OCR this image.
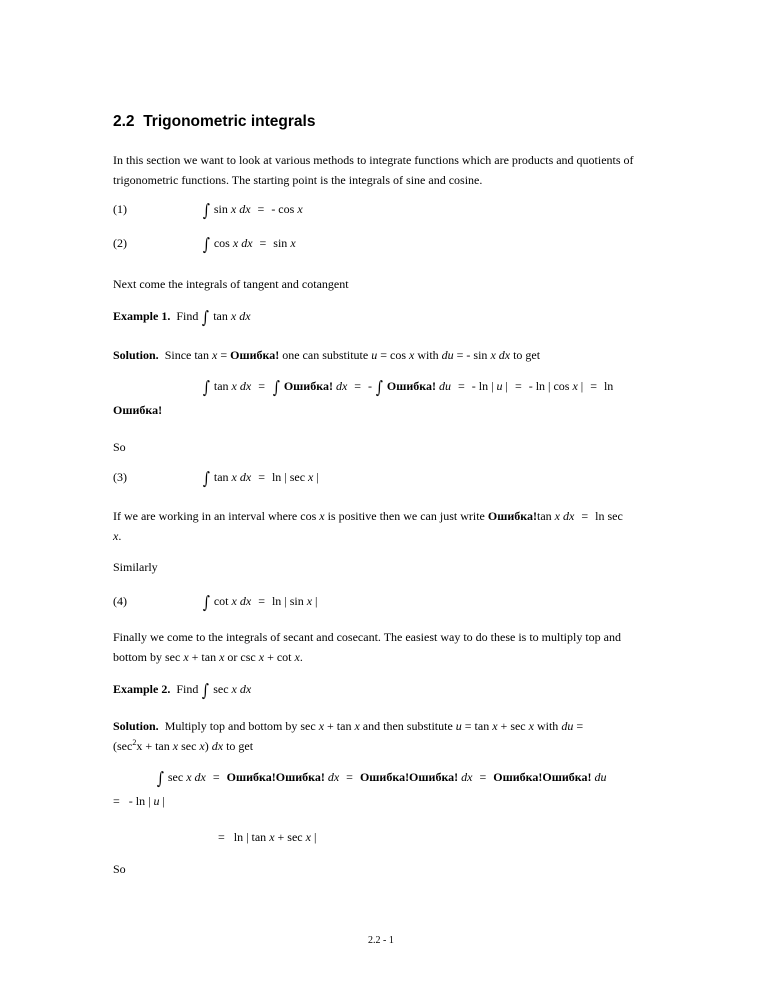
2.2 Trigonometric integrals
In this section we want to look at various methods to integrate functions which are products and quotients of
trigonometric functions. The starting point is the integrals of sine and cosine.
(1)	∫ sin x dx = - cos x
(2)	∫ cos x dx = sin x
Next come the integrals of tangent and cotangent
Example 1. Find ∫ tan x dx
Solution. Since tan x = Ошибка! one can substitute u = cos x with du = - sin x dx to get
∫ tan x dx = ∫ Ошибка! dx = - ∫ Ошибка! du = - ln | u | = - ln | cos x | = ln
Ошибка!
So
(3)	∫ tan x dx = ln | sec x |
If we are working in an interval where cos x is positive then we can just write Ошибка!tan x dx = ln sec
x.
Similarly
(4)	∫ cot x dx = ln | sin x |
Finally we come to the integrals of secant and cosecant. The easiest way to do these is to multiply top and
bottom by sec x + tan x or csc x + cot x.
Example 2. Find ∫ sec x dx
Solution. Multiply top and bottom by sec x + tan x and then substitute u = tan x + sec x with du =
($\sec^2x + \tan x$ sec x) dx to get
∫ sec x dx = Ошибка!Ошибка! dx = Ошибка!Ошибка! dx = Ошибка!Ошибка! du
= - ln | u |
= ln | tan x + sec x |
So
2.2 - 1
